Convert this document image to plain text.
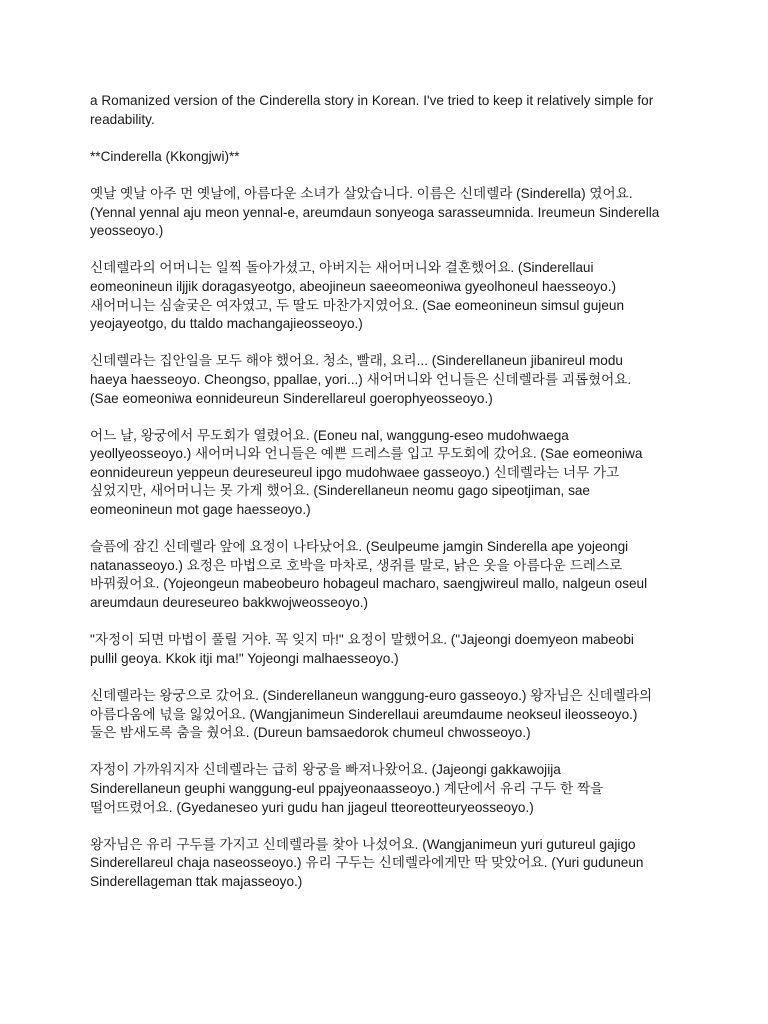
a Romanized version of the Cinderella story in Korean. I've tried to keep it relatively simple for
readability.
**Cinderella (Kkongjwi)**
옛날 옛날 아주 먼 옛날에, 아름다운 소녀가 살았습니다. 이름은 신데렐라 (Sinderella) 였어요.
(Yennal yennal aju meon yennal-e, areumdaun sonyeoga sarasseumnida. Ireumeun Sinderella
yeosseoyo.)
신데렐라의 어머니는 일찍 돌아가셨고, 아버지는 새어머니와 결혼했어요. (Sinderellaui
eomeonineun iljjik doragasyeotgo, abeojineun saeeomeoniwa gyeolhoneul haesseoyo.)
새어머니는 심술궂은 여자였고, 두 딸도 마찬가지였어요. (Sae eomeonineun simsul gujeun
yeojayeotgo, du ttaldo machangajieosseoyo.)
신데렐라는 집안일을 모두 해야 했어요. 청소, 빨래, 요리... (Sinderellaneun jibanireul modu
haeya haesseoyo. Cheongso, ppallae, yori...) 새어머니와 언니들은 신데렐라를 괴롭혔어요.
(Sae eomeoniwa eonnideureun Sinderellareul goerophyeosseoyo.)
어느 날, 왕궁에서 무도회가 열렸어요. (Eoneu nal, wanggung-eseo mudohwaega
yeollyeosseoyo.) 새어머니와 언니들은 예쁜 드레스를 입고 무도회에 갔어요. (Sae eomeoniwa
eonnideureun yeppeun deureseureul ipgo mudohwaee gasseoyo.) 신데렐라는 너무 가고
싶었지만, 새어머니는 못 가게 했어요. (Sinderellaneun neomu gago sipeotjiman, sae
eomeonineun mot gage haesseoyo.)
슬픔에 잠긴 신데렐라 앞에 요정이 나타났어요. (Seulpeume jamgin Sinderella ape yojeongi
natanasseoyo.) 요정은 마법으로 호박을 마차로, 생쥐를 말로, 낡은 옷을 아름다운 드레스로
바꿔줬어요. (Yojeongeun mabeobeuro hobageul macharo, saengjwireul mallo, nalgeun oseul
areumdaun deureseureo bakkwojweosseoyo.)
"자정이 되면 마법이 풀릴 거야. 꼭 잊지 마!" 요정이 말했어요. ("Jajeongi doemyeon mabeobi
pullil geoya. Kkok itji ma!" Yojeongi malhaesseoyo.)
신데렐라는 왕궁으로 갔어요. (Sinderellaneun wanggung-euro gasseoyo.) 왕자님은 신데렐라의
아름다움에 넋을 잃었어요. (Wangjanimeun Sinderellaui areumdaume neokseul ileosseoyo.)
둘은 밤새도록 춤을 췄어요. (Dureun bamsaedorok chumeul chwosseoyo.)
자정이 가까워지자 신데렐라는 급히 왕궁을 빠져나왔어요. (Jajeongi gakkawojija
Sinderellaneun geuphi wanggung-eul ppajyeonaasseoyo.) 계단에서 유리 구두 한 짝을
떨어뜨렸어요. (Gyedaneseo yuri gudu han jjageul tteoreotteuryeosseoyo.)
왕자님은 유리 구두를 가지고 신데렐라를 찾아 나섰어요. (Wangjanimeun yuri gutureul gajigo
Sinderellareul chaja naseosseoyo.) 유리 구두는 신데렐라에게만 딱 맞았어요. (Yuri guduneun
Sinderellageman ttak majasseoyo.)
